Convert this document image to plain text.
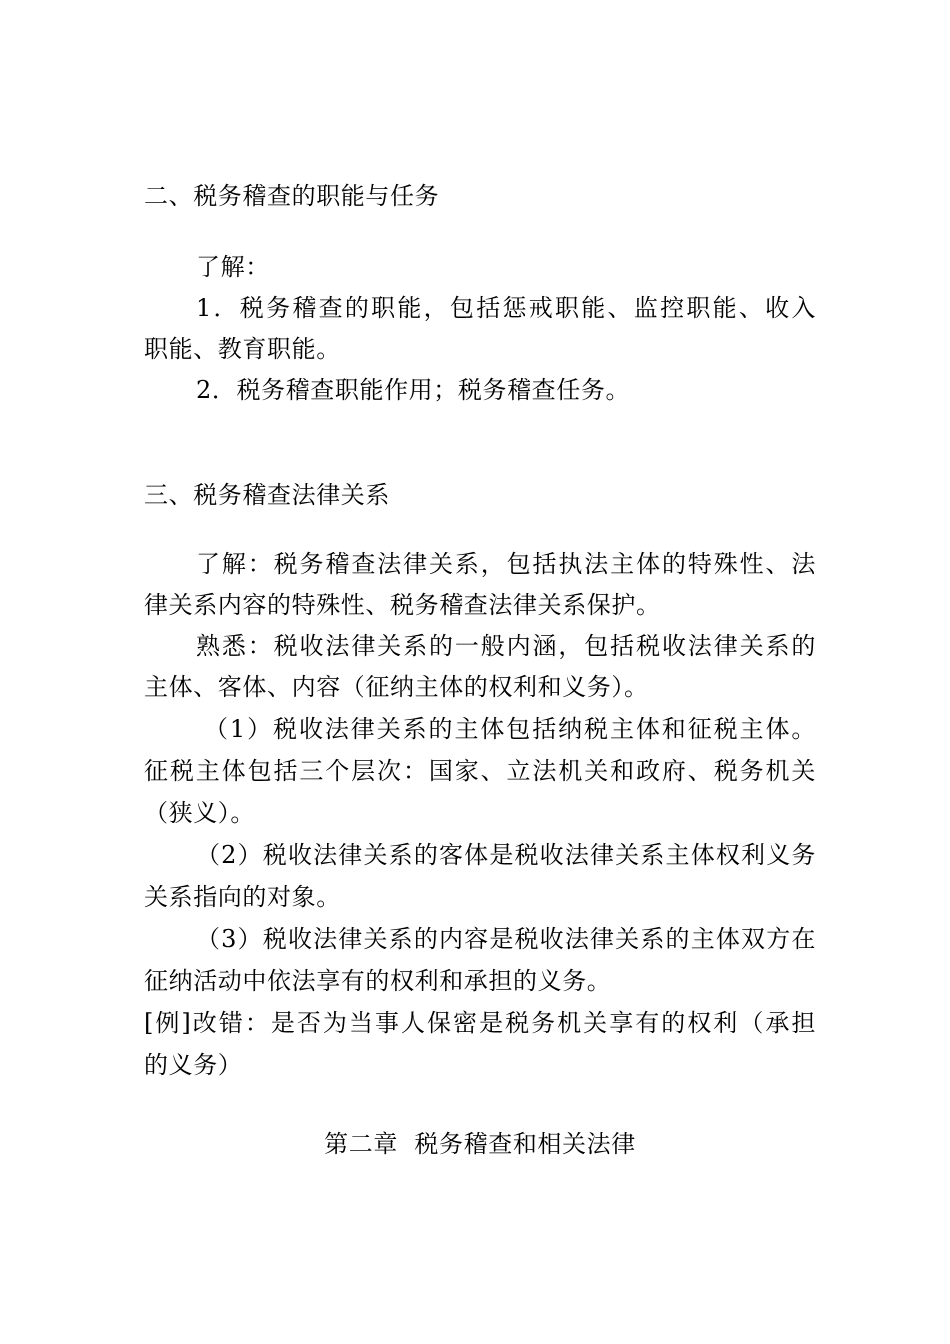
二、税务稽查的职能与任务
了解：
1．税务稽查的职能，包括惩戒职能、监控职能、收入
职能、教育职能。
2．税务稽查职能作用；税务稽查任务。
三、税务稽查法律关系
了解：税务稽查法律关系，包括执法主体的特殊性、法
律关系内容的特殊性、税务稽查法律关系保护。
熟悉：税收法律关系的一般内涵，包括税收法律关系的
主体、客体、内容（征纳主体的权利和义务）。
（1）税收法律关系的主体包括纳税主体和征税主体。
征税主体包括三个层次：国家、立法机关和政府、税务机关
（狭义）。
（2）税收法律关系的客体是税收法律关系主体权利义务
关系指向的对象。
（3）税收法律关系的内容是税收法律关系的主体双方在
征纳活动中依法享有的权利和承担的义务。
[例]改错：是否为当事人保密是税务机关享有的权利（承担
的义务）
第二章  税务稽查和相关法律
